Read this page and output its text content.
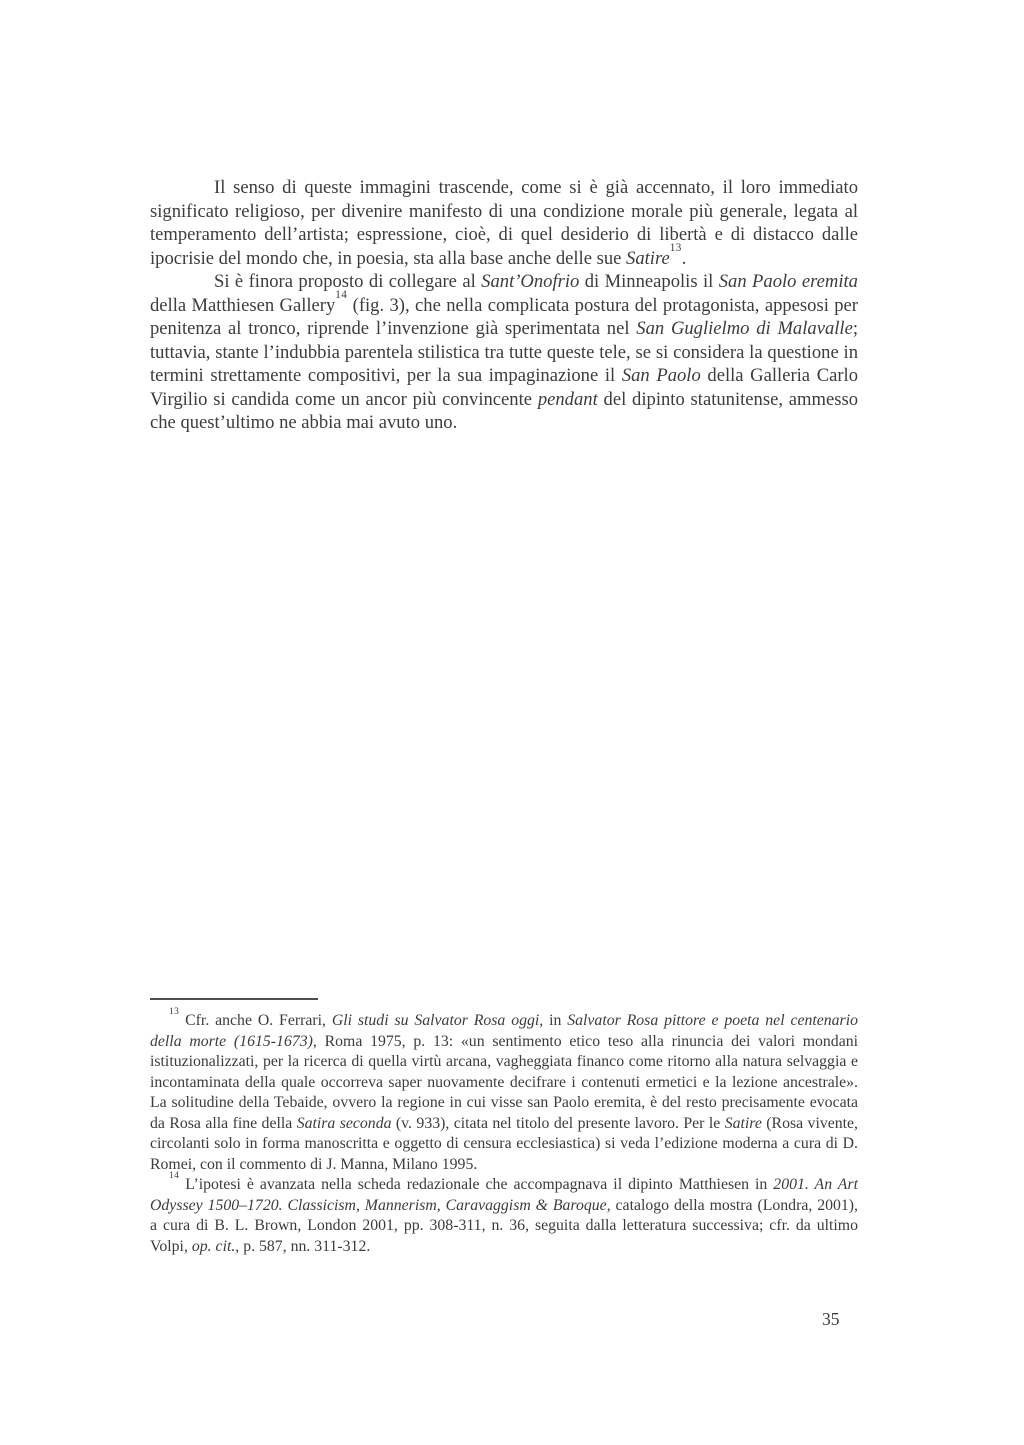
Il senso di queste immagini trascende, come si è già accennato, il loro immediato significato religioso, per divenire manifesto di una condizione morale più generale, legata al temperamento dell’artista; espressione, cioè, di quel desiderio di libertà e di distacco dalle ipocrisie del mondo che, in poesia, sta alla base anche delle sue Satire$^{13}$.

Si è finora proposto di collegare al Sant’Onofrio di Minneapolis il San Paolo eremita della Matthiesen Gallery$^{14}$ (fig. 3), che nella complicata postura del protagonista, appesosi per penitenza al tronco, riprende l’invenzione già sperimentata nel San Guglielmo di Malavalle; tuttavia, stante l’indubbia parentela stilistica tra tutte queste tele, se si considera la questione in termini strettamente compositivi, per la sua impaginazione il San Paolo della Galleria Carlo Virgilio si candida come un ancor più convincente pendant del dipinto statunitense, ammesso che quest’ultimo ne abbia mai avuto uno.

$^{13}$ Cfr. anche O. Ferrari, Gli studi su Salvator Rosa oggi, in Salvator Rosa pittore e poeta nel centenario della morte (1615-1673), Roma 1975, p. 13: «un sentimento etico teso alla rinuncia dei valori mondani istituzionalizzati, per la ricerca di quella virtù arcana, vagheggiata financo come ritorno alla natura selvaggia e incontaminata della quale occorreva saper nuovamente decifrare i contenuti ermetici e la lezione ancestrale». La solitudine della Tebaide, ovvero la regione in cui visse san Paolo eremita, è del resto precisamente evocata da Rosa alla fine della Satira seconda (v. 933), citata nel titolo del presente lavoro. Per le Satire (Rosa vivente, circolanti solo in forma manoscritta e oggetto di censura ecclesiastica) si veda l’edizione moderna a cura di D. Romei, con il commento di J. Manna, Milano 1995.

$^{14}$ L’ipotesi è avanzata nella scheda redazionale che accompagnava il dipinto Matthiesen in 2001. An Art Odyssey 1500–1720. Classicism, Mannerism, Caravaggism & Baroque, catalogo della mostra (Londra, 2001), a cura di B. L. Brown, London 2001, pp. 308-311, n. 36, seguita dalla letteratura successiva; cfr. da ultimo Volpi, op. cit., p. 587, nn. 311-312.

35
